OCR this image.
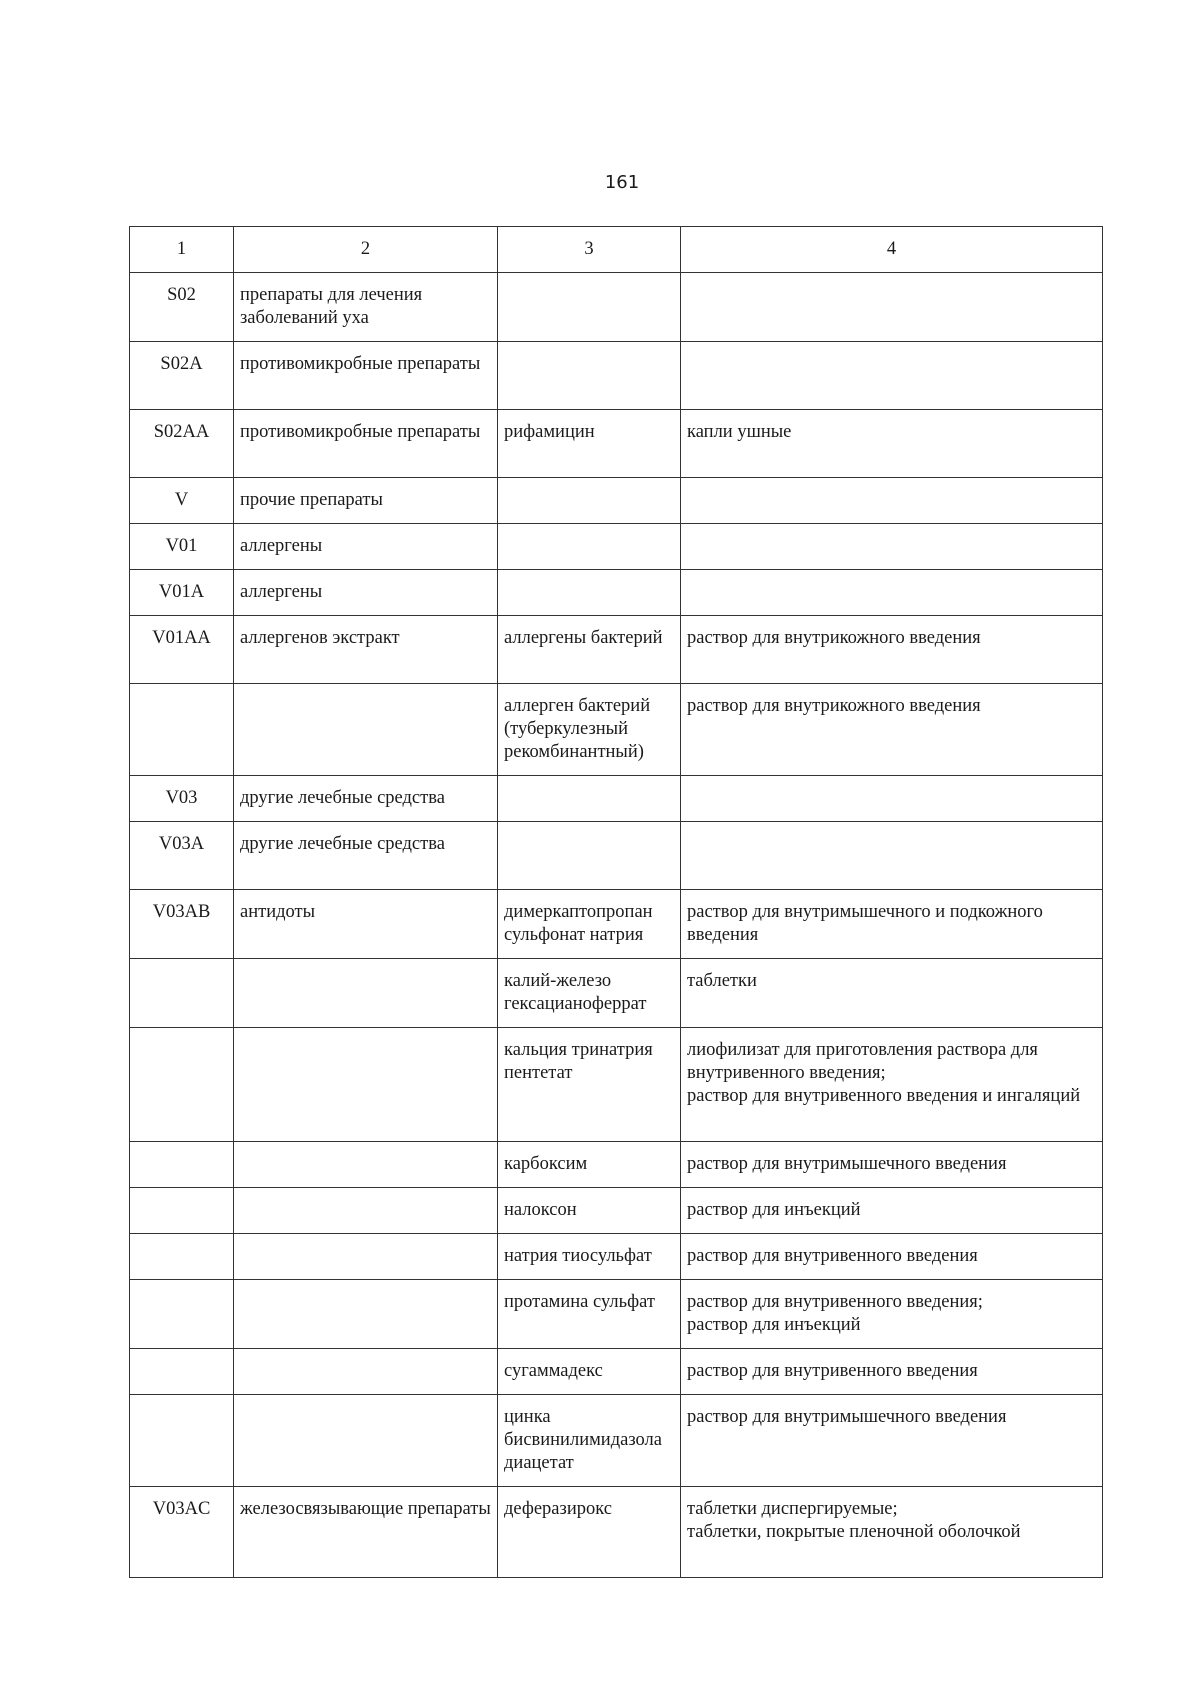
161
1	2	3	4
S02	препараты для лечения заболеваний уха		
S02A	противомикробные препараты		
S02AA	противомикробные препараты	рифамицин	капли ушные

V	прочие препараты		
V01	аллергены		
V01A	аллергены		
V01AA	аллергенов экстракт	аллергены бактерий	раствор для внутрикожного введения

		аллерген бактерий (туберкулезный рекомбинантный)	раствор для внутрикожного введения

V03	другие лечебные средства		
V03A	другие лечебные средства		
V03AB	антидоты	димеркаптопропан сульфонат натрия	раствор для внутримышечного и подкожного введения

		калий-железо гексацианоферрат	таблетки

		кальция тринатрия пентетат	лиофилизат для приготовления раствора для внутривенного введения;
раствор для внутривенного введения и ингаляций

		карбоксим	раствор для внутримышечного введения

		налоксон	раствор для инъекций

		натрия тиосульфат	раствор для внутривенного введения

		протамина сульфат	раствор для внутривенного введения;
раствор для инъекций

		сугаммадекс	раствор для внутривенного введения

		цинка бисвинилимидазола диацетат	раствор для внутримышечного введения

V03AC	железосвязывающие препараты	деферазирокс	таблетки диспергируемые;
таблетки, покрытые пленочной оболочкой
